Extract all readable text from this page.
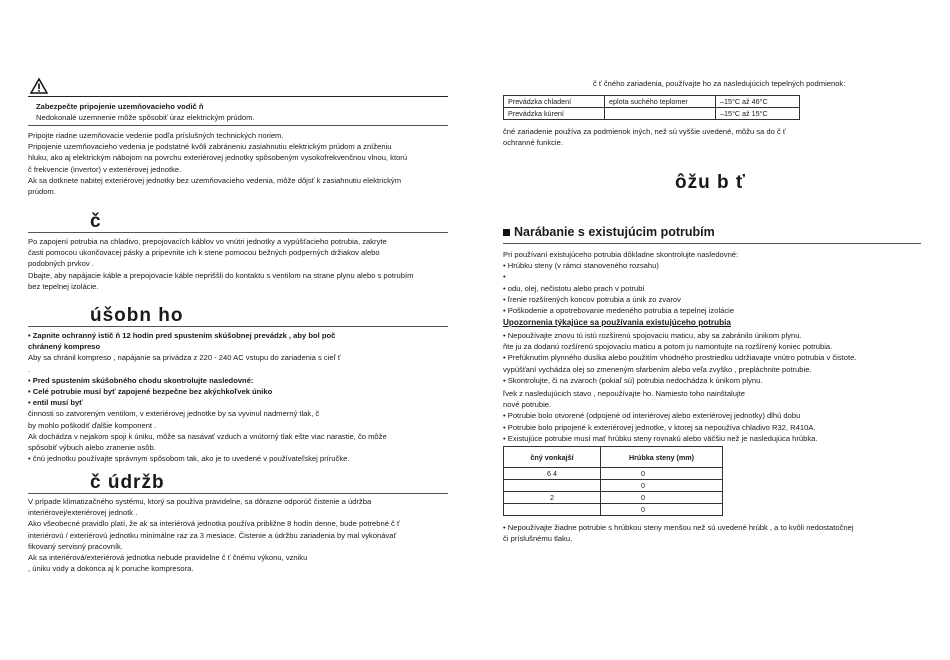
Zabezpečte pripojenie uzemňovacieho vodič ň

Nedokonalé uzemnenie môže spôsobiť úraz elektrickým prúdom.

Pripojte riadne uzemňovacie vedenie podľa príslušných technických noriem.

Pripojenie uzemňovacieho vedenia je podstatné kvôli zabráneniu zasiahnutiu elektrickým prúdom a zníženiu

hluku, ako aj elektrickým nábojom na povrchu exteriérovej jednotky spôsobeným vysokofrekvenčnou vlnou, ktorú

č frekvencie (invertor) v exteriérovej jednotke.

Ak sa dotknete nabitej exteriérovej jednotky bez uzemňovacieho vedenia, môže dôjsť k zasiahnutiu elektrickým

prúdom.

č

Po zapojení potrubia na chladivo, prepojovacích káblov vo vnútri jednotky a vypúšťacieho potrubia, zakryte

časti pomocou ukončovacej pásky a pripevnite ich k stene pomocou bežných podperných držiakov alebo

podobných prvkov .

Dbajte, aby napájacie káble a prepojovacie káble nepriššli do kontaktu s ventilom na strane plynu alebo s potrubím

bez tepelnej izolácie.

úšobn ho

• Zapnite ochranný istič ň 12 hodín pred spustením skúšobnej prevádzk , aby bol poč

chránený kompreso

Aby sa chránil kompreso , napájanie sa privádza z 220 - 240 AC vstupu do zariadenia s cieľ ť

.

• Pred spustením skúšobného chodu skontrolujte nasledovné:

• Celé potrubie musí byť zapojené bezpečne bez akýchkoľvek úniko

• entil musí byť

činnosti so zatvoreným ventilom, v exteriérovej jednotke by sa vyvinul nadmerný tlak, č

by mohlo poškodiť ďalšie komponent .

Ak dochádza v nejakom spoji k úniku, môže sa nasávať vzduch a vnútorný tlak ešte viac narastie, čo môže

spôsobiť výbuch alebo zranenie osôb.

• čnú jednotku používajte správnym spôsobom tak, ako je to uvedené v používateľskej príručke.

č údržb

V prípade klimatizačného systému, ktorý sa používa pravidelne, sa dôrazne odporúč čistenie a údržba

interiérovej/exteriérovej jednotk .

Ako všeobecné pravidlo platí, že ak sa interiérová jednotka používa približne 8 hodín denne, bude potrebné č ť

interiérovú / exteriérovú jednotku minimálne raz za 3 mesiace. Čistenie a údržbu zariadenia by mal vykonávať

fikovaný servisný pracovník.

Ak sa interiérová/exteriérová jednotka nebude pravidelne č ť čnému výkonu, vzniku

, úniku vody a dokonca aj k poruche kompresora.

č ť čného zariadenia, používajte ho za nasledujúcich tepelných podmienok:

Prevádzka chladení	eplota suchého teplomer	–15°C až 46°C
Prevádzka kúrení		–15°C až 15°C

čné zariadenie používa za podmienok iných, než sú vyššie uvedené, môžu sa do č ť

ochranné funkcie.

ôžu b ť
Narábanie s existujúcim potrubím

Pri používaní existujúceho potrubia dôkladne skontrolujte nasledovné:

• Hrúbku steny (v rámci stanoveného rozsahu)

•

• odu, olej, nečistotu alebo prach v potrubí

• ľrenie rozšírených koncov potrubia a únik zo zvarov

• Poškodenie a opotrebovanie medeného potrubia a tepelnej izolácie

Upozornenia týkajúce sa používania existujúceho potrubia

• Nepoužívajte znovu tú istú rozšírenú spojovaciu maticu, aby sa zabránilo únikom plynu.

ňte ju za dodanú rozšírenú spojovaciu maticu a potom ju namontujte na rozšírený koniec potrubia.

• Prefúknutím plynného dusíka alebo použitím vhodného prostriedku udržiavajte vnútro potrubia v čistote.

vypúšťaní vychádza olej so zmeneným sfarbením alebo veľa zvyško , prepláchnite potrubie.

• Skontrolujte, či na zvaroch (pokiaľ sú) potrubia nedochádza k únikom plynu.

ľvek z nasledujúcich stavo , nepoužívajte ho. Namiesto toho nainštalujte

nové potrubie.

• Potrubie bolo otvorené (odpojené od interiérovej alebo exteriérovej jednotky) dlhú dobu

• Potrubie bolo pripojené k exteriérovej jednotke, v ktorej sa nepoužíva chladivo R32, R410A.

• Existujúce potrubie musí mať hrúbku steny rovnakú alebo väčšiu než je nasledujúca hrúbka.

čný vonkajší	Hrúbka steny (mm)
6 4	0
	0
2	0
	0

• Nepoužívajte žiadne potrubie s hrúbkou steny menšou než sú uvedené hrúbk , a to kvôli nedostatočnej

či príslušnému tlaku.
